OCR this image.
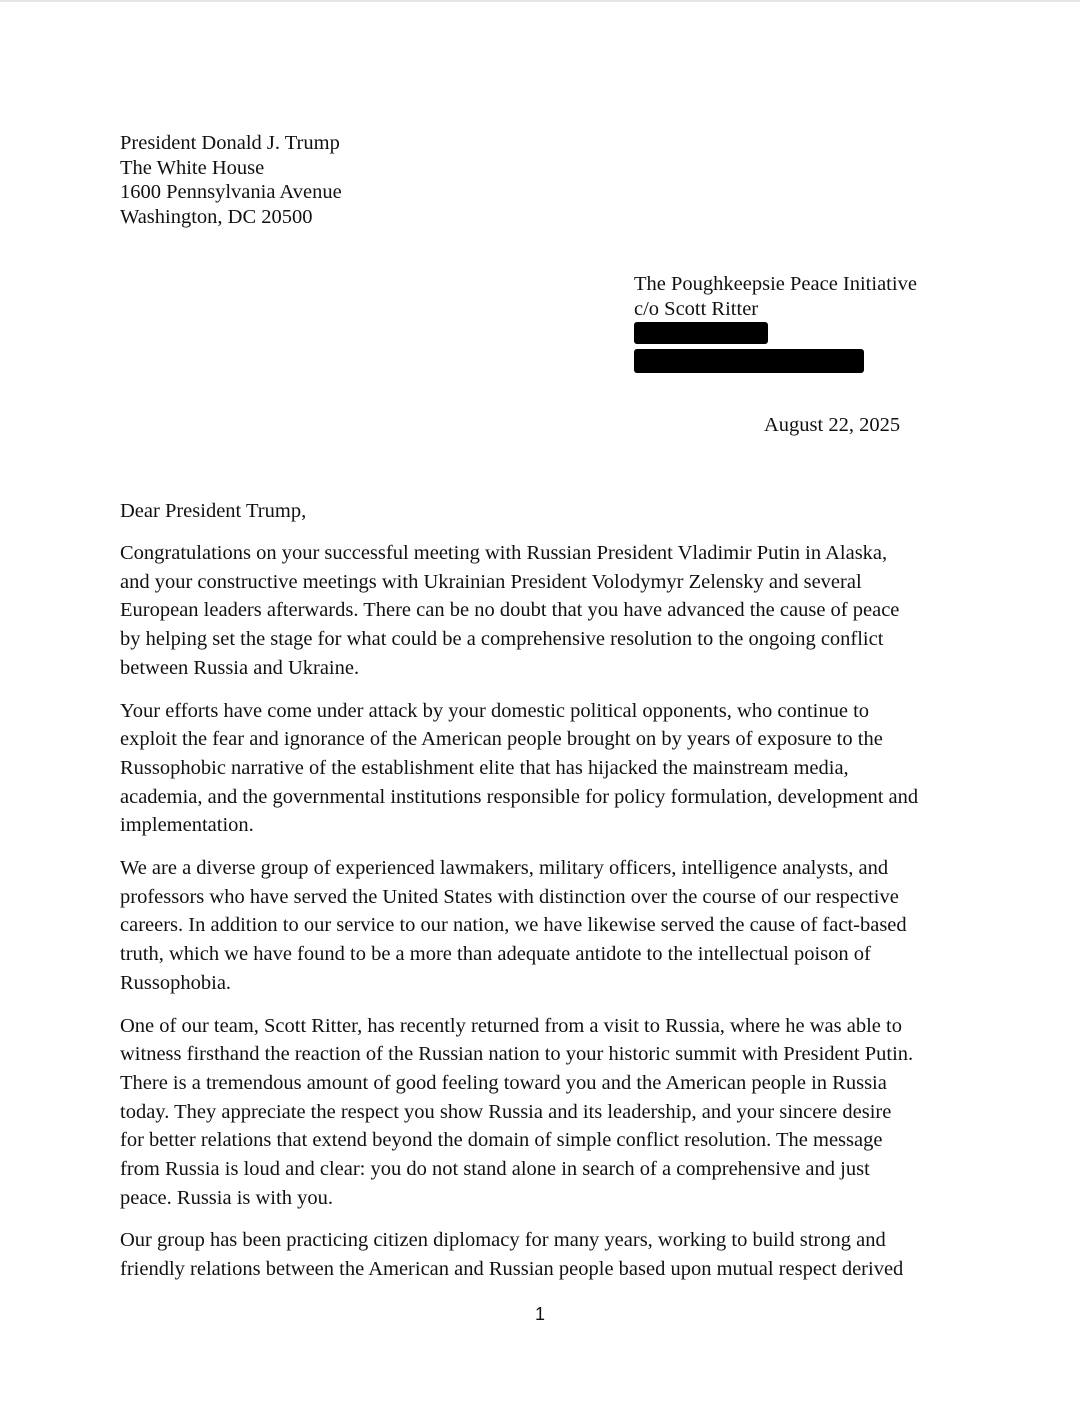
President Donald J. Trump
The White House
1600 Pennsylvania Avenue
Washington, DC 20500
The Poughkeepsie Peace Initiative
c/o Scott Ritter
August 22, 2025
Dear President Trump,

Congratulations on your successful meeting with Russian President Vladimir Putin in Alaska,
and your constructive meetings with Ukrainian President Volodymyr Zelensky and several
European leaders afterwards. There can be no doubt that you have advanced the cause of peace
by helping set the stage for what could be a comprehensive resolution to the ongoing conflict
between Russia and Ukraine.

Your efforts have come under attack by your domestic political opponents, who continue to
exploit the fear and ignorance of the American people brought on by years of exposure to the
Russophobic narrative of the establishment elite that has hijacked the mainstream media,
academia, and the governmental institutions responsible for policy formulation, development and
implementation.

We are a diverse group of experienced lawmakers, military officers, intelligence analysts, and
professors who have served the United States with distinction over the course of our respective
careers. In addition to our service to our nation, we have likewise served the cause of fact-based
truth, which we have found to be a more than adequate antidote to the intellectual poison of
Russophobia.

One of our team, Scott Ritter, has recently returned from a visit to Russia, where he was able to
witness firsthand the reaction of the Russian nation to your historic summit with President Putin.
There is a tremendous amount of good feeling toward you and the American people in Russia
today. They appreciate the respect you show Russia and its leadership, and your sincere desire
for better relations that extend beyond the domain of simple conflict resolution. The message
from Russia is loud and clear: you do not stand alone in search of a comprehensive and just
peace. Russia is with you.

Our group has been practicing citizen diplomacy for many years, working to build strong and
friendly relations between the American and Russian people based upon mutual respect derived

1
